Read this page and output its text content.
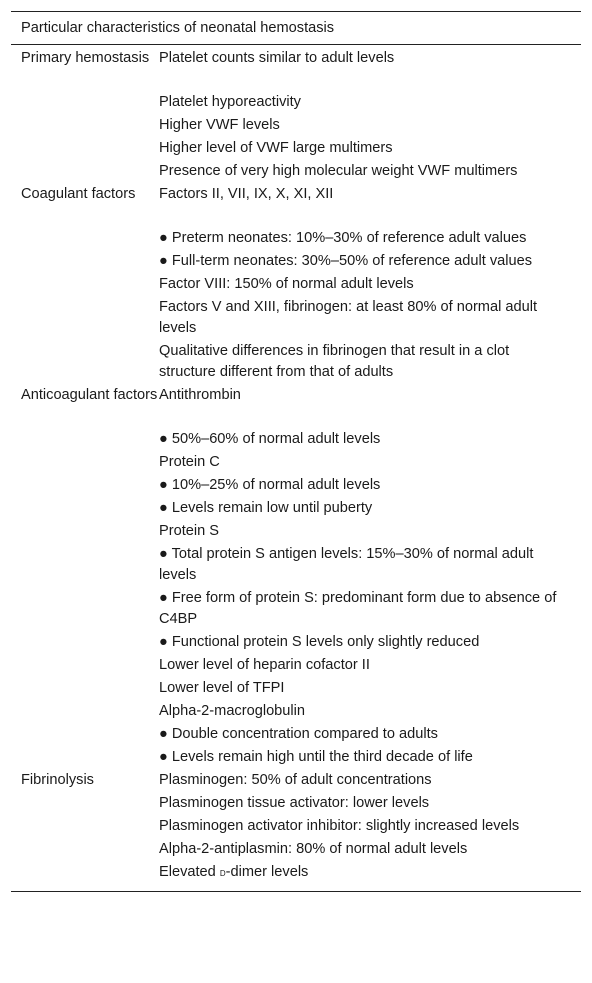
Particular characteristics of neonatal hemostasis
Primary hemostasis Platelet counts similar to adult levels
Platelet hyporeactivity
Higher VWF levels
Higher level of VWF large multimers
Presence of very high molecular weight VWF multimers
Coagulant factors	Factors II, VII, IX, X, XI, XII
● Preterm neonates: 10%–30% of reference adult values
● Full-term neonates: 30%–50% of reference adult values
Factor VIII: 150% of normal adult levels
Factors V and XIII, fibrinogen: at least 80% of normal adult levels
Qualitative differences in fibrinogen that result in a clot structure different from that of adults
Anticoagulant factors Antithrombin
● 50%–60% of normal adult levels
Protein C
● 10%–25% of normal adult levels
● Levels remain low until puberty
Protein S
● Total protein S antigen levels: 15%–30% of normal adult levels
● Free form of protein S: predominant form due to absence of C4BP
● Functional protein S levels only slightly reduced
Lower level of heparin cofactor II
Lower level of TFPI
Alpha-2-macroglobulin
● Double concentration compared to adults
● Levels remain high until the third decade of life
Fibrinolysis	Plasminogen: 50% of adult concentrations
Plasminogen tissue activator: lower levels
Plasminogen activator inhibitor: slightly increased levels
Alpha-2-antiplasmin: 80% of normal adult levels
Elevated d-dimer levels
